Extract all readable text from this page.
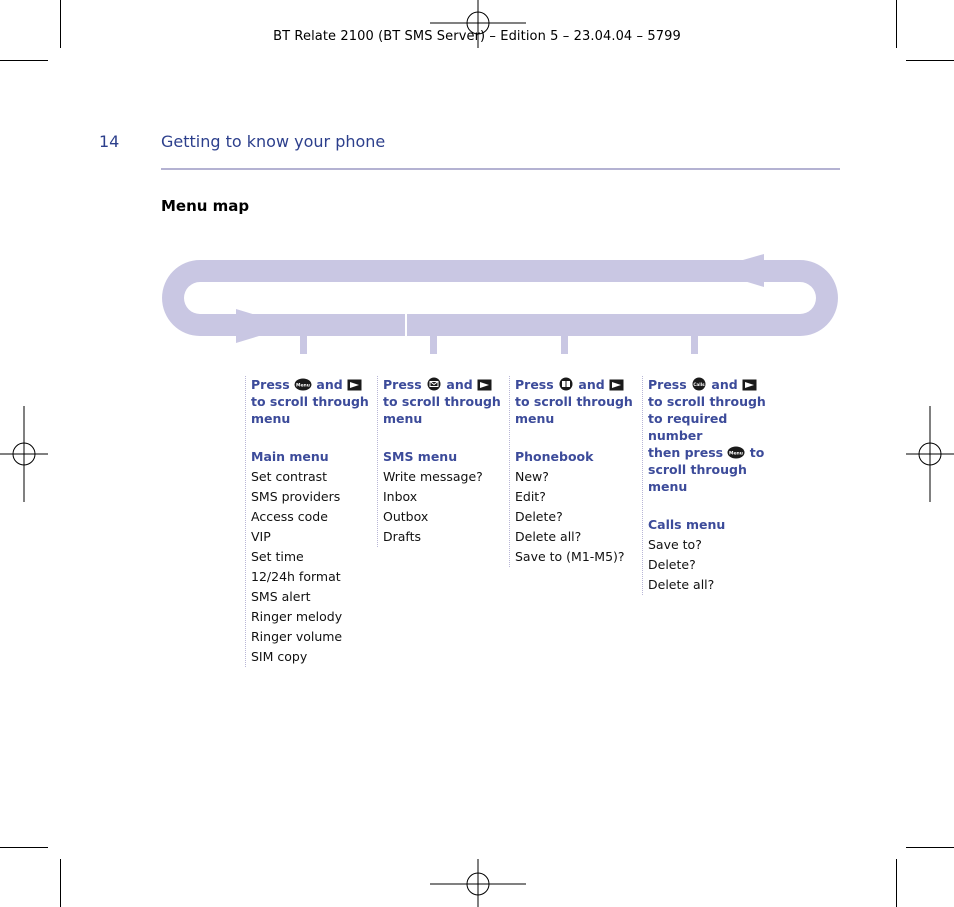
BT Relate 2100 (BT SMS Server) – Edition 5 – 23.04.04 – 5799
14	Getting to know your phone
Menu map
Press Menu and
to scroll through menu
Main menu
Set contrast
SMS providers
Access code
VIP
Set time
12/24h format
SMS alert
Ringer melody
Ringer volume
SIM copy
Press and
to scroll through menu
SMS menu
Write message?
Inbox
Outbox
Drafts
Press and
to scroll through menu
Phonebook
New?
Edit?
Delete?
Delete all?
Save to (M1-M5)?
Press Calls and
to scroll through to required number
then press Menu to
scroll through menu
Calls menu
Save to?
Delete?
Delete all?
